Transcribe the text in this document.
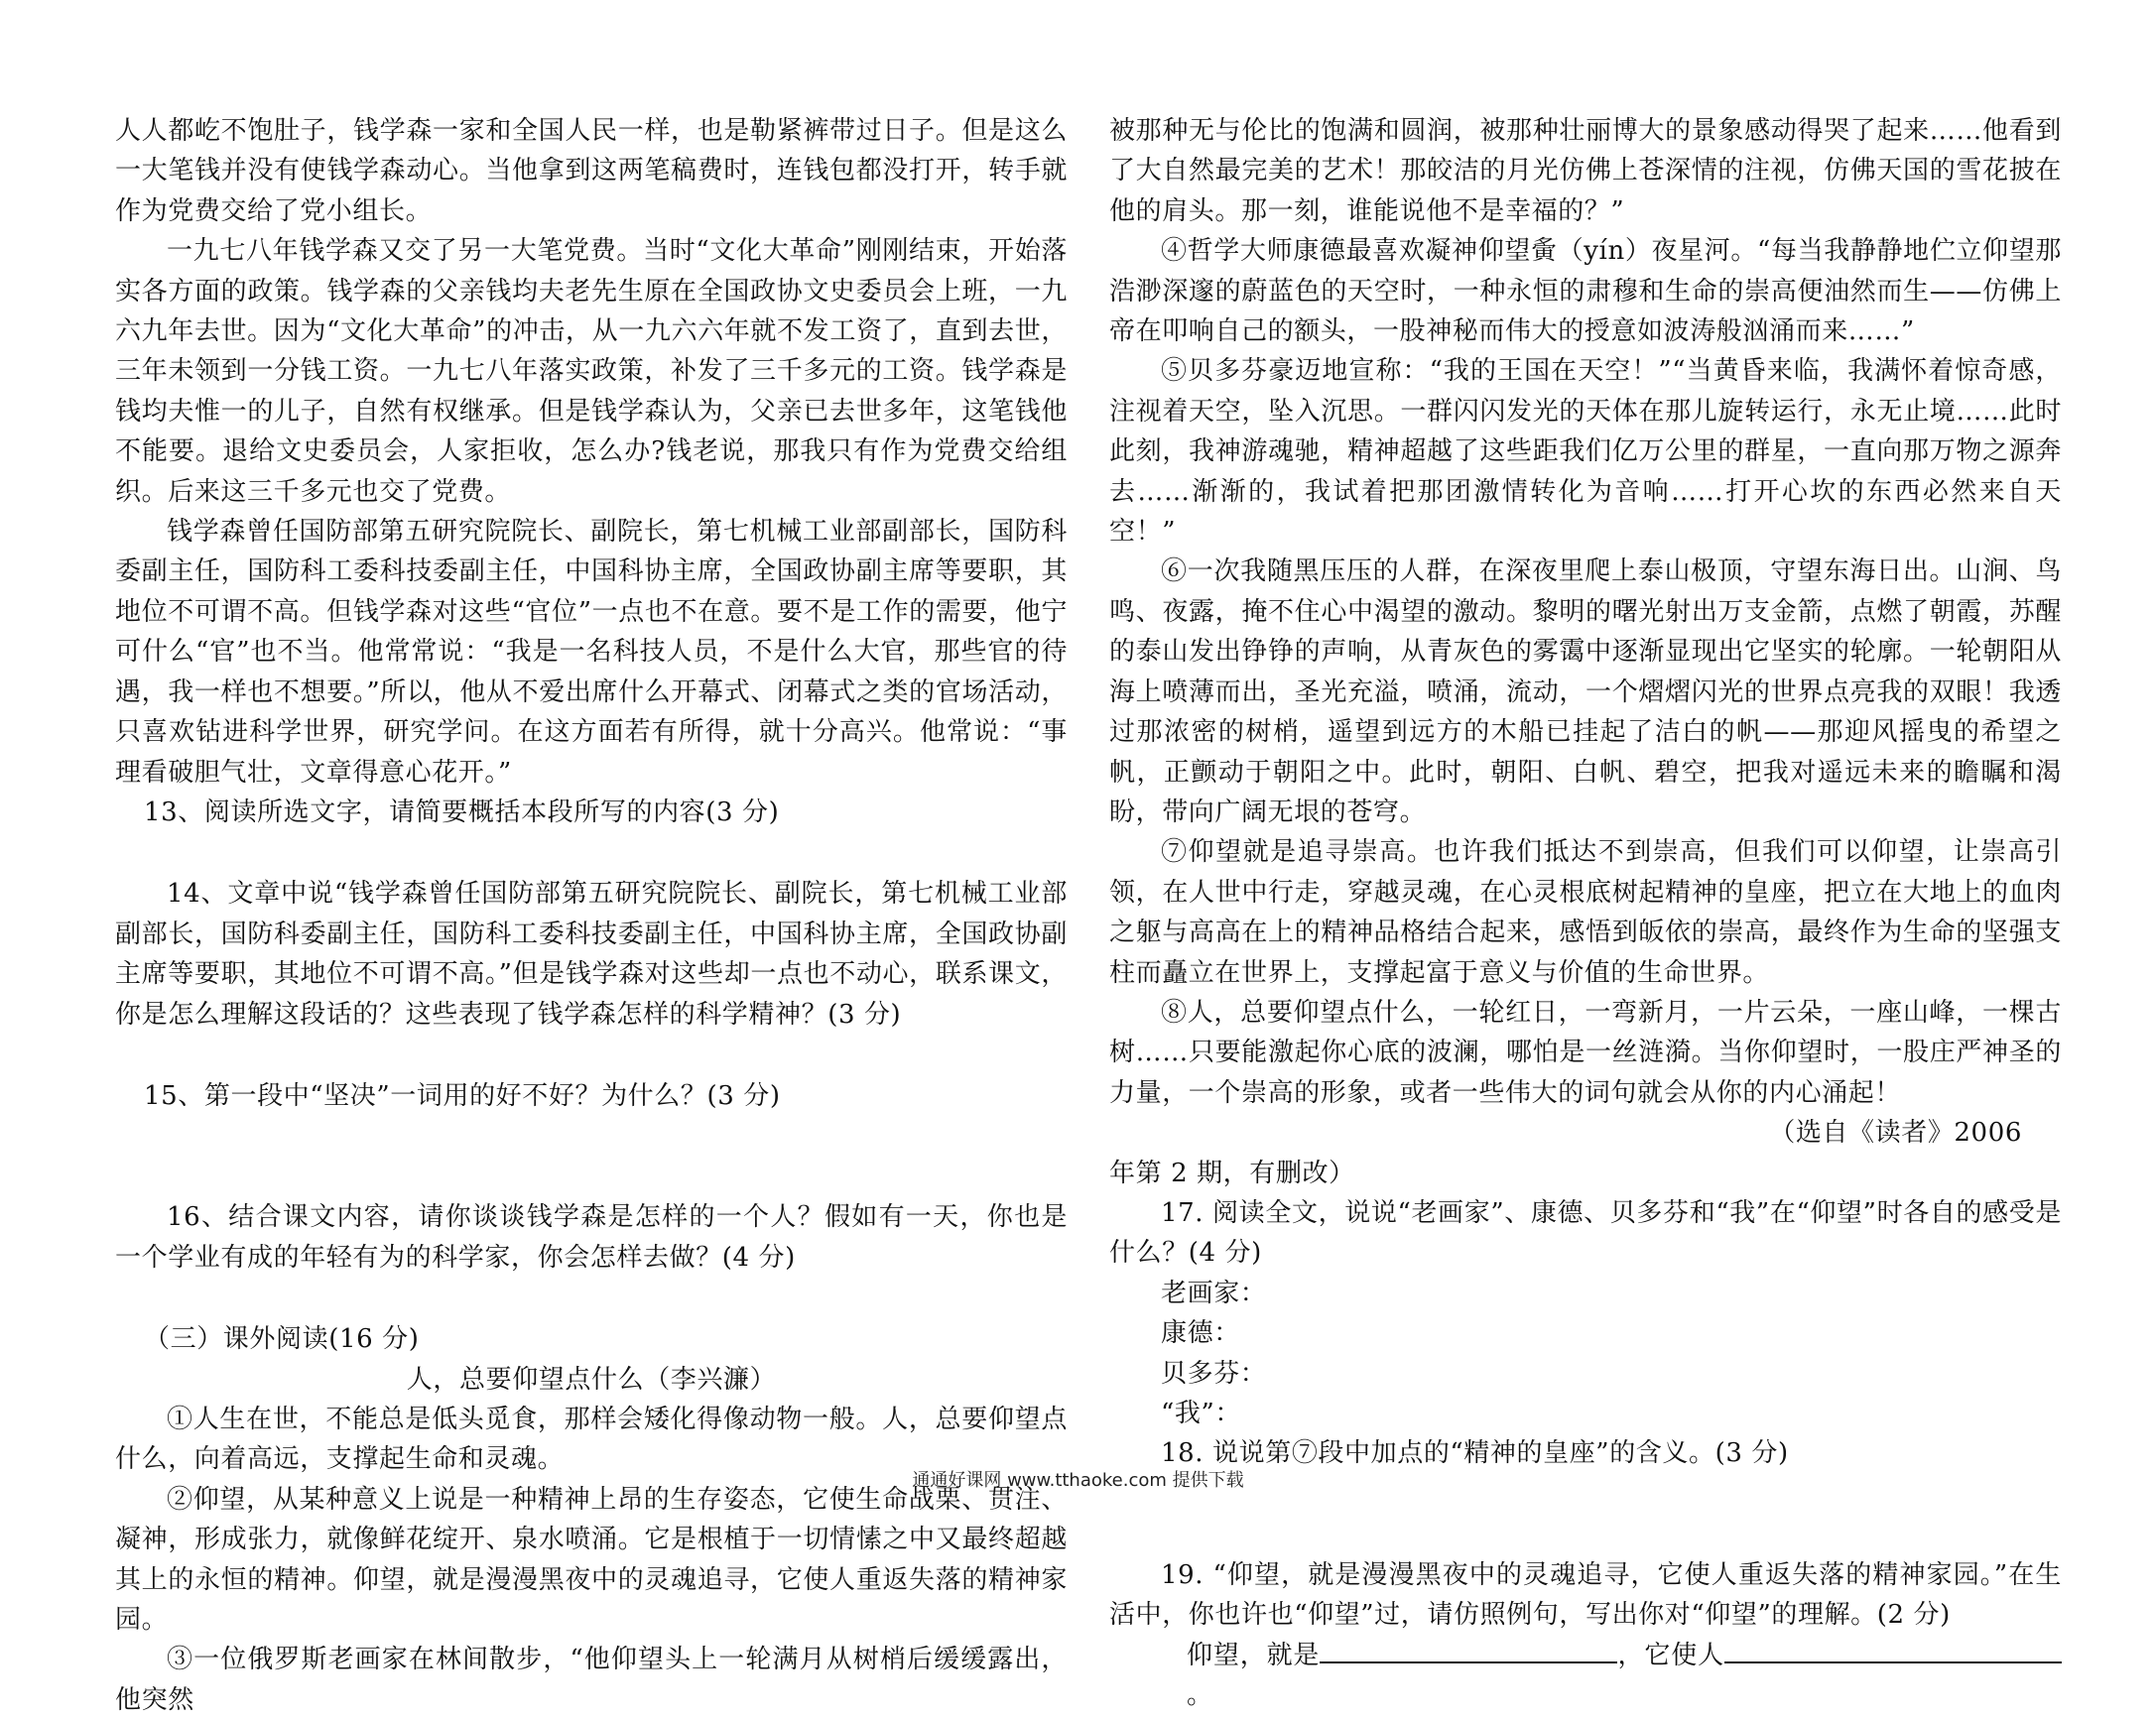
人人都屹不饱肚子，钱学森一家和全国人民一样，也是勒紧裤带过日子。但是这么一大笔钱并没有使钱学森动心。当他拿到这两笔稿费时，连钱包都没打开，转手就作为党费交给了党小组长。

一九七八年钱学森又交了另一大笔党费。当时“文化大革命”刚刚结束，开始落实各方面的政策。钱学森的父亲钱均夫老先生原在全国政协文史委员会上班，一九六九年去世。因为“文化大革命”的冲击，从一九六六年就不发工资了，直到去世，三年未领到一分钱工资。一九七八年落实政策，补发了三千多元的工资。钱学森是钱均夫惟一的儿子，自然有权继承。但是钱学森认为，父亲已去世多年，这笔钱他不能要。退给文史委员会，人家拒收，怎么办?钱老说，那我只有作为党费交给组织。后来这三千多元也交了党费。

钱学森曾任国防部第五研究院院长、副院长，第七机械工业部副部长，国防科委副主任，国防科工委科技委副主任，中国科协主席，全国政协副主席等要职，其地位不可谓不高。但钱学森对这些“官位”一点也不在意。要不是工作的需要，他宁可什么“官”也不当。他常常说：“我是一名科技人员，不是什么大官，那些官的待遇，我一样也不想要。”所以，他从不爱出席什么开幕式、闭幕式之类的官场活动，只喜欢钻进科学世界，研究学问。在这方面若有所得，就十分高兴。他常说：“事理看破胆气壮，文章得意心花开。”

13、阅读所选文字，请简要概括本段所写的内容(3 分)

14、文章中说“钱学森曾任国防部第五研究院院长、副院长，第七机械工业部副部长，国防科委副主任，国防科工委科技委副主任，中国科协主席，全国政协副主席等要职，其地位不可谓不高。”但是钱学森对这些却一点也不动心，联系课文，你是怎么理解这段话的？这些表现了钱学森怎样的科学精神？(3 分)

15、第一段中“坚决”一词用的好不好？为什么？(3 分)

16、结合课文内容，请你谈谈钱学森是怎样的一个人？假如有一天，你也是一个学业有成的年轻有为的科学家，你会怎样去做？(4 分)

（三）课外阅读(16 分)

人，总要仰望点什么（李兴濂）

①人生在世，不能总是低头觅食，那样会矮化得像动物一般。人，总要仰望点什么，向着高远，支撑起生命和灵魂。

②仰望，从某种意义上说是一种精神上昂的生存姿态，它使生命战栗、贯注、凝神，形成张力，就像鲜花绽开、泉水喷涌。它是根植于一切情愫之中又最终超越其上的永恒的精神。仰望，就是漫漫黑夜中的灵魂追寻，它使人重返失落的精神家园。

③一位俄罗斯老画家在林间散步，“他仰望头上一轮满月从树梢后缓缓露出，他突然

被那种无与伦比的饱满和圆润，被那种壮丽博大的景象感动得哭了起来……他看到了大自然最完美的艺术！那皎洁的月光仿佛上苍深情的注视，仿佛天国的雪花披在他的肩头。那一刻，谁能说他不是幸福的？”

④哲学大师康德最喜欢凝神仰望夤（yín）夜星河。“每当我静静地伫立仰望那浩渺深邃的蔚蓝色的天空时，一种永恒的肃穆和生命的崇高便油然而生——仿佛上帝在叩响自己的额头，一股神秘而伟大的授意如波涛般汹涌而来……”

⑤贝多芬豪迈地宣称：“我的王国在天空！”“当黄昏来临，我满怀着惊奇感，注视着天空，坠入沉思。一群闪闪发光的天体在那儿旋转运行，永无止境……此时此刻，我神游魂驰，精神超越了这些距我们亿万公里的群星，一直向那万物之源奔去……渐渐的，我试着把那团激情转化为音响……打开心坎的东西必然来自天空！”

⑥一次我随黑压压的人群，在深夜里爬上泰山极顶，守望东海日出。山涧、鸟鸣、夜露，掩不住心中渴望的激动。黎明的曙光射出万支金箭，点燃了朝霞，苏醒的泰山发出铮铮的声响，从青灰色的雾霭中逐渐显现出它坚实的轮廓。一轮朝阳从海上喷薄而出，圣光充溢，喷涌，流动，一个熠熠闪光的世界点亮我的双眼！我透过那浓密的树梢，遥望到远方的木船已挂起了洁白的帆——那迎风摇曳的希望之帆，正颤动于朝阳之中。此时，朝阳、白帆、碧空，把我对遥远未来的瞻瞩和渴盼，带向广阔无垠的苍穹。

⑦仰望就是追寻崇高。也许我们抵达不到崇高，但我们可以仰望，让崇高引领，在人世中行走，穿越灵魂，在心灵根底树起精神的皇座，把立在大地上的血肉之躯与高高在上的精神品格结合起来，感悟到皈依的崇高，最终作为生命的坚强支柱而矗立在世界上，支撑起富于意义与价值的生命世界。

⑧人，总要仰望点什么，一轮红日，一弯新月，一片云朵，一座山峰，一棵古树……只要能激起你心底的波澜，哪怕是一丝涟漪。当你仰望时，一股庄严神圣的力量，一个崇高的形象，或者一些伟大的词句就会从你的内心涌起！

（选自《读者》2006

年第 2 期，有删改）

17. 阅读全文，说说“老画家”、康德、贝多芬和“我”在“仰望”时各自的感受是什么？(4 分)

老画家：

康德：

贝多芬：

“我”：

18. 说说第⑦段中加点的“精神的皇座”的含义。(3 分)

19. “仰望，就是漫漫黑夜中的灵魂追寻，它使人重返失落的精神家园。”在生活中，你也许也“仰望”过，请仿照例句，写出你对“仰望”的理解。(2 分)

仰望，就是	，它使人。

通通好课网 www.tthaoke.com 提供下载
